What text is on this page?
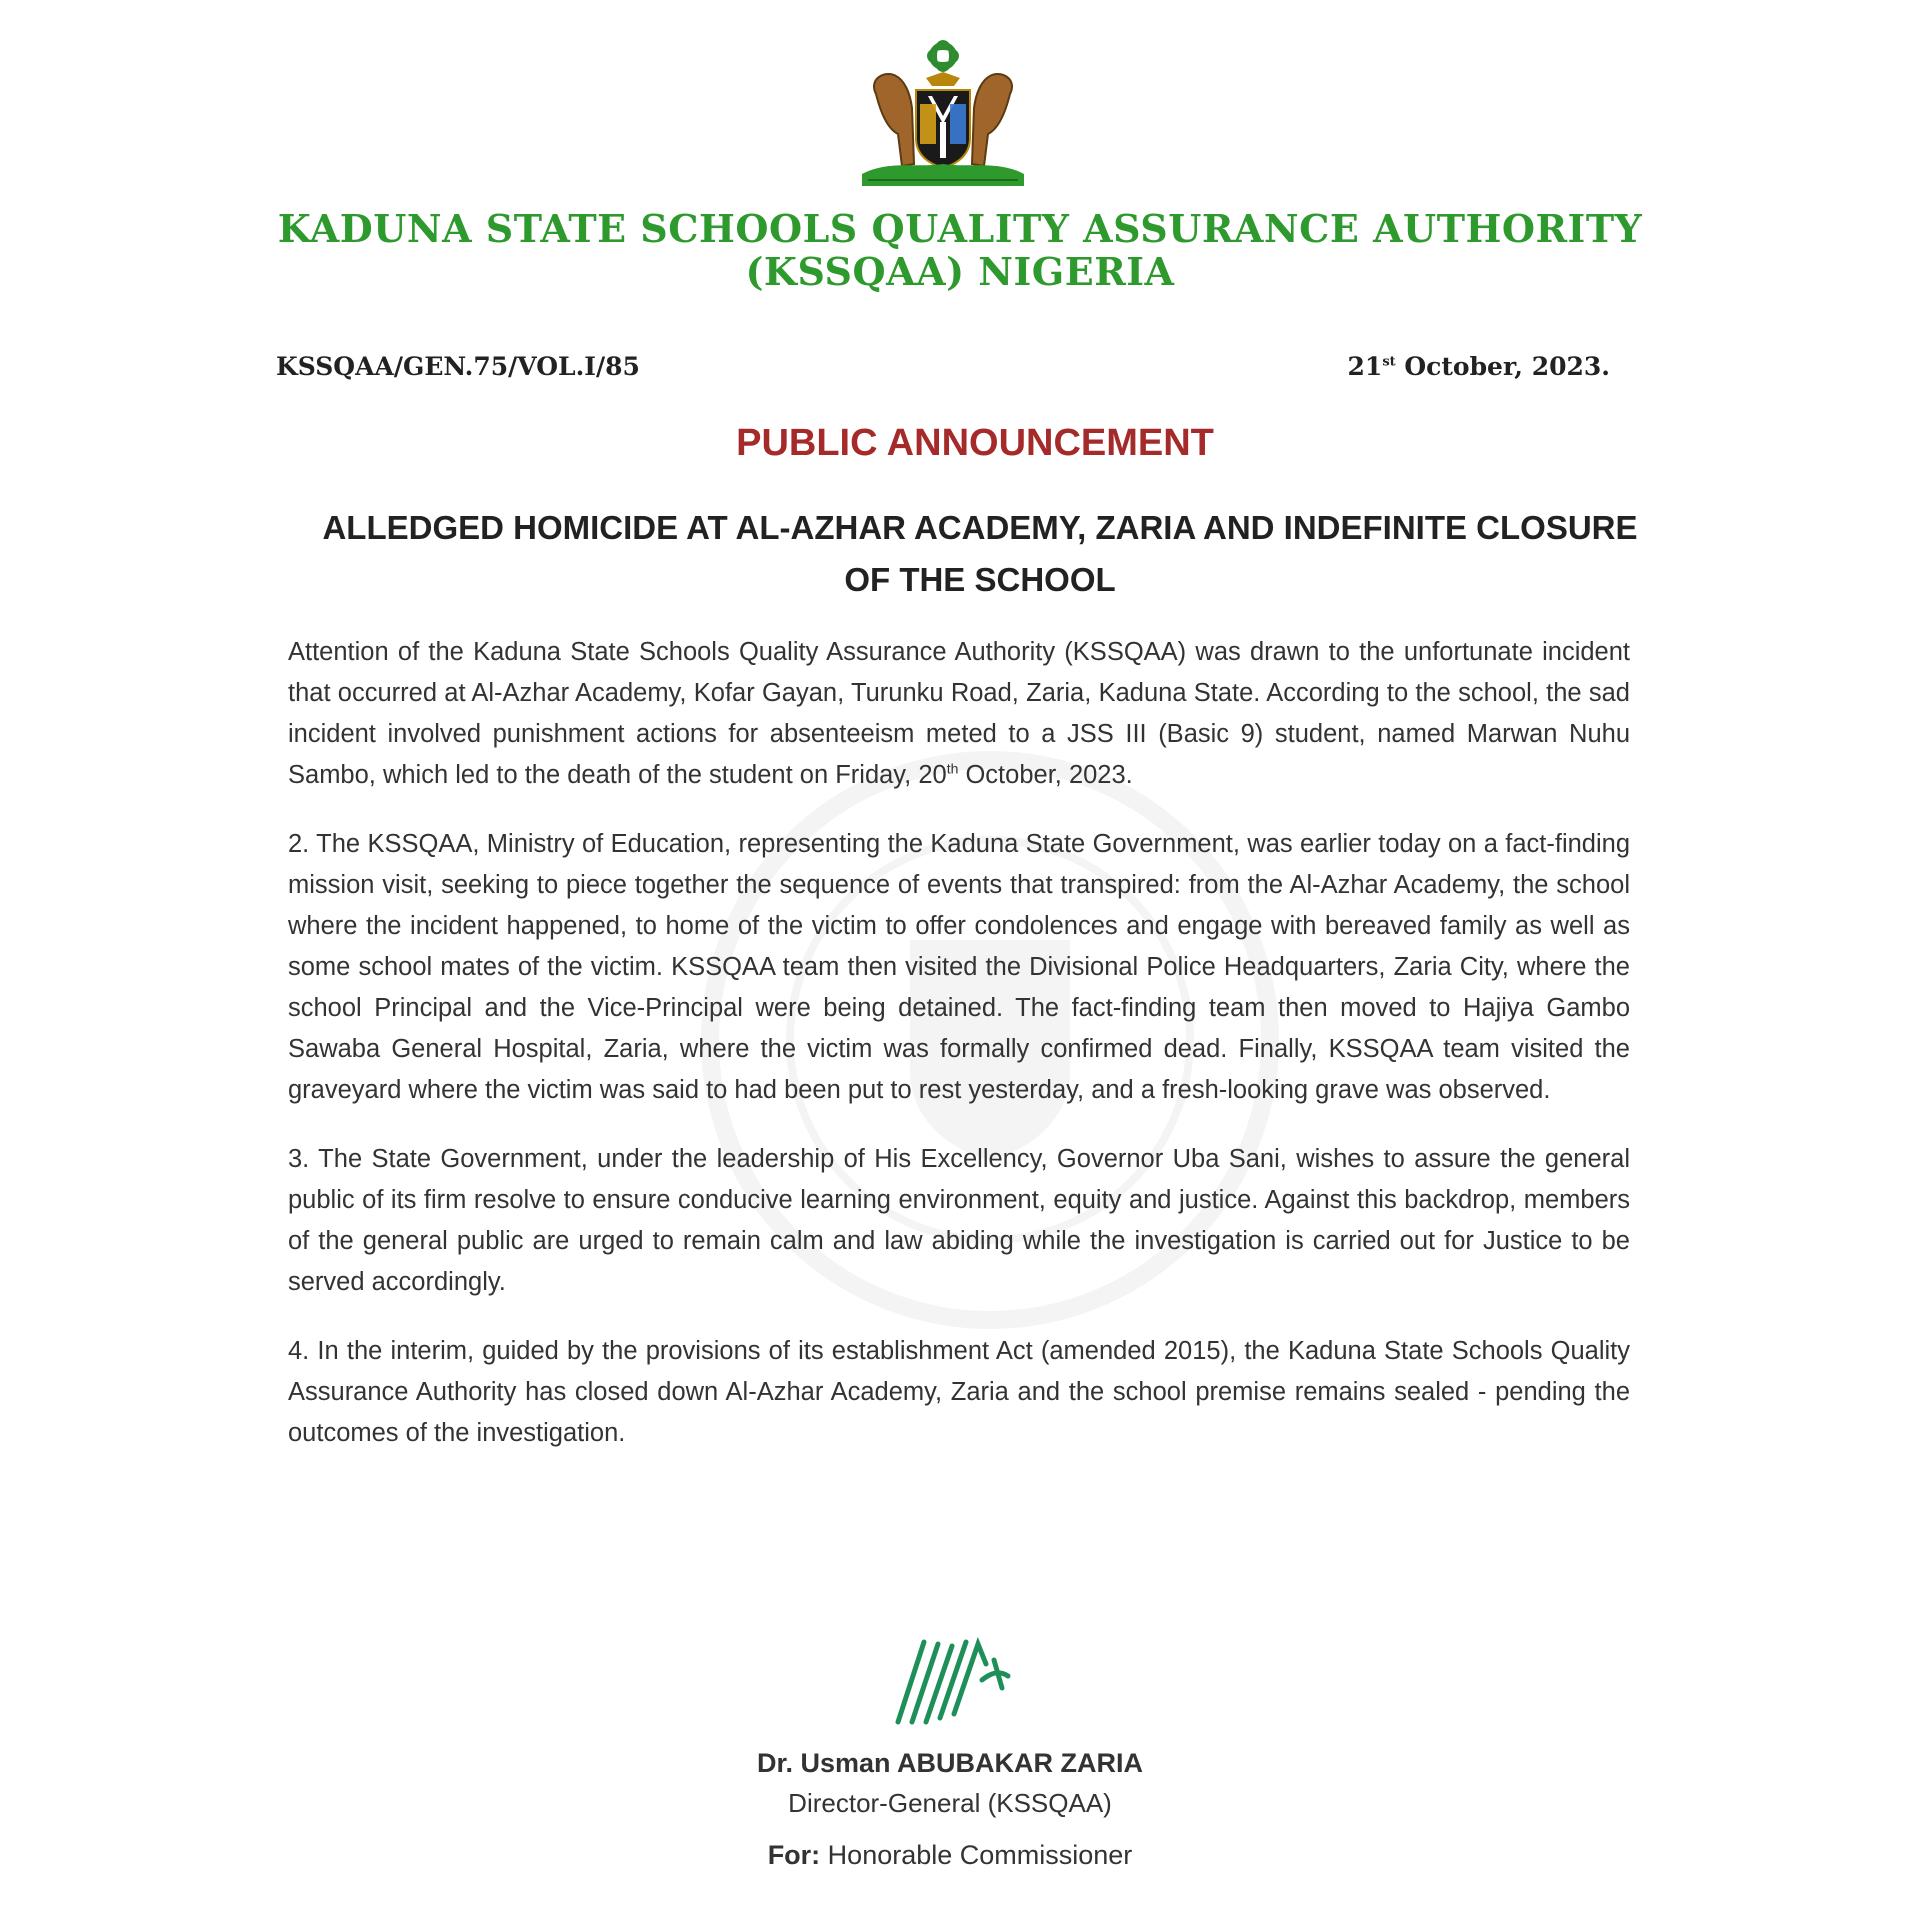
KADUNA STATE SCHOOLS QUALITY ASSURANCE AUTHORITY
(KSSQAA) NIGERIA
KSSQAA/GEN.75/VOL.I/85	21st October, 2023.
PUBLIC ANNOUNCEMENT
ALLEDGED HOMICIDE AT AL-AZHAR ACADEMY, ZARIA AND INDEFINITE CLOSURE OF THE SCHOOL

Attention of the Kaduna State Schools Quality Assurance Authority (KSSQAA) was drawn to the unfortunate incident that occurred at Al-Azhar Academy, Kofar Gayan, Turunku Road, Zaria, Kaduna State. According to the school, the sad incident involved punishment actions for absenteeism meted to a JSS III (Basic 9) student, named Marwan Nuhu Sambo, which led to the death of the student on Friday, 20th October, 2023.

2. The KSSQAA, Ministry of Education, representing the Kaduna State Government, was earlier today on a fact-finding mission visit, seeking to piece together the sequence of events that transpired: from the Al-Azhar Academy, the school where the incident happened, to home of the victim to offer condolences and engage with bereaved family as well as some school mates of the victim. KSSQAA team then visited the Divisional Police Headquarters, Zaria City, where the school Principal and the Vice-Principal were being detained. The fact-finding team then moved to Hajiya Gambo Sawaba General Hospital, Zaria, where the victim was formally confirmed dead. Finally, KSSQAA team visited the graveyard where the victim was said to had been put to rest yesterday, and a fresh-looking grave was observed.

3. The State Government, under the leadership of His Excellency, Governor Uba Sani, wishes to assure the general public of its firm resolve to ensure conducive learning environment, equity and justice. Against this backdrop, members of the general public are urged to remain calm and law abiding while the investigation is carried out for Justice to be served accordingly.

4. In the interim, guided by the provisions of its establishment Act (amended 2015), the Kaduna State Schools Quality Assurance Authority has closed down Al-Azhar Academy, Zaria and the school premise remains sealed - pending the outcomes of the investigation.

Dr. Usman ABUBAKAR ZARIA
Director-General (KSSQAA)
For: Honorable Commissioner
